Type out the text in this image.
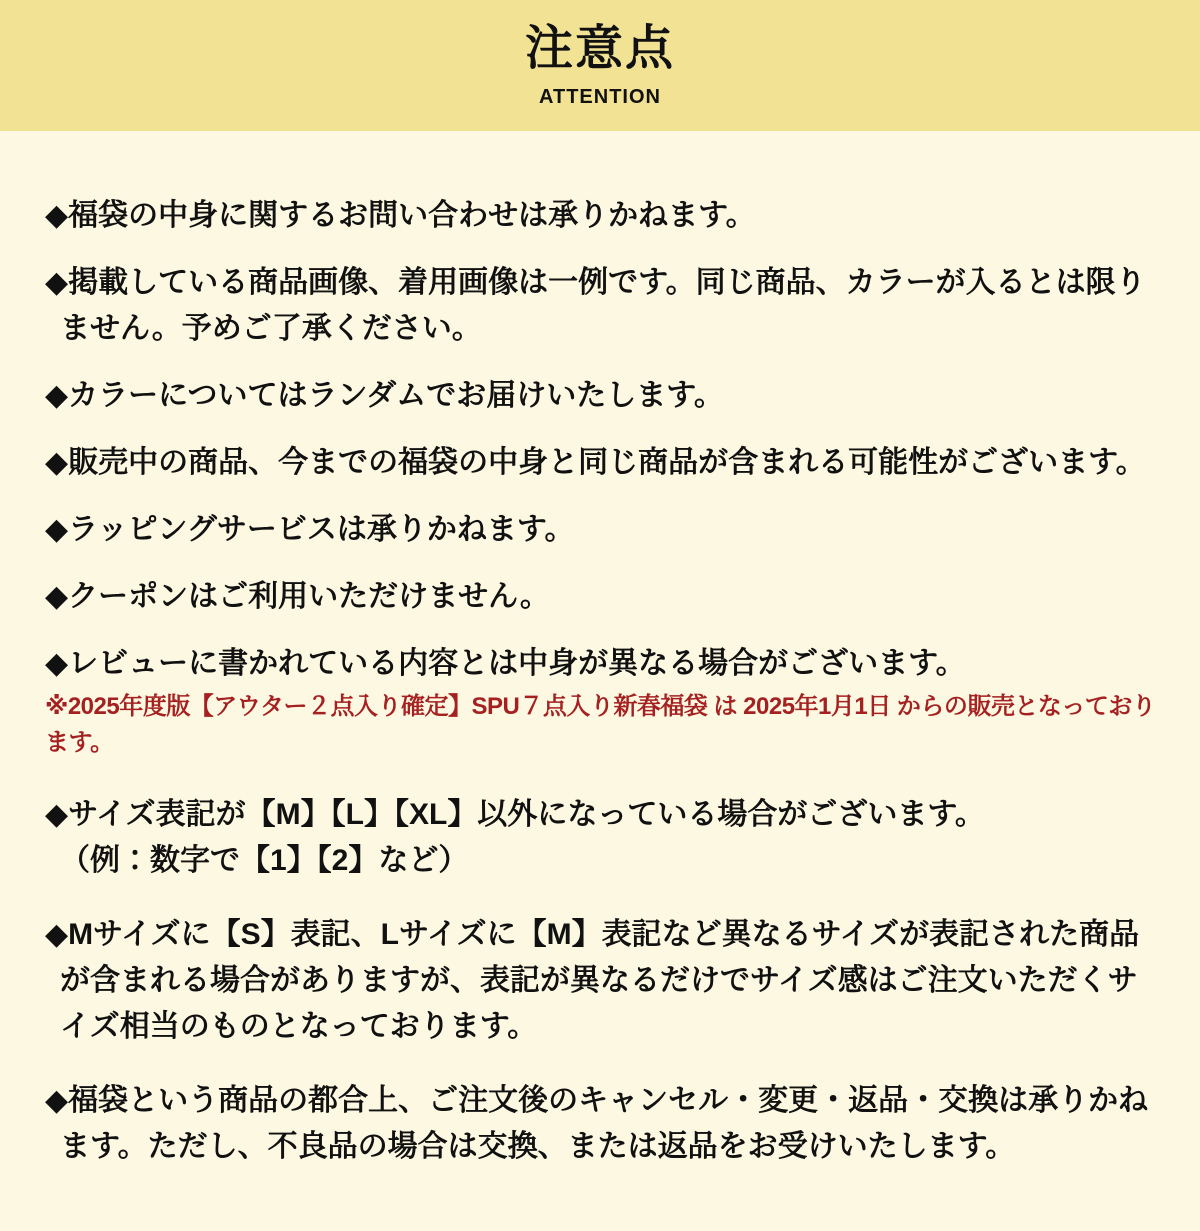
注意点
ATTENTION

◆福袋の中身に関するお問い合わせは承りかねます。

◆掲載している商品画像、着用画像は一例です。同じ商品、カラーが入るとは限り
ません。予めご了承ください。

◆カラーについてはランダムでお届けいたします。

◆販売中の商品、今までの福袋の中身と同じ商品が含まれる可能性がございます。

◆ラッピングサービスは承りかねます。

◆クーポンはご利用いただけません。

◆レビューに書かれている内容とは中身が異なる場合がございます。

※2025年度版【アウター２点入り確定】SPU７点入り新春福袋 は 2025年1月1日 からの販売となっております。

◆サイズ表記が【M】【L】【XL】以外になっている場合がございます。
（例：数字で【1】【2】など）

◆Mサイズに【S】表記、Lサイズに【M】表記など異なるサイズが表記された商品
が含まれる場合がありますが、表記が異なるだけでサイズ感はご注文いただくサ
イズ相当のものとなっております。

◆福袋という商品の都合上、ご注文後のキャンセル・変更・返品・交換は承りかね
ます。ただし、不良品の場合は交換、または返品をお受けいたします。
